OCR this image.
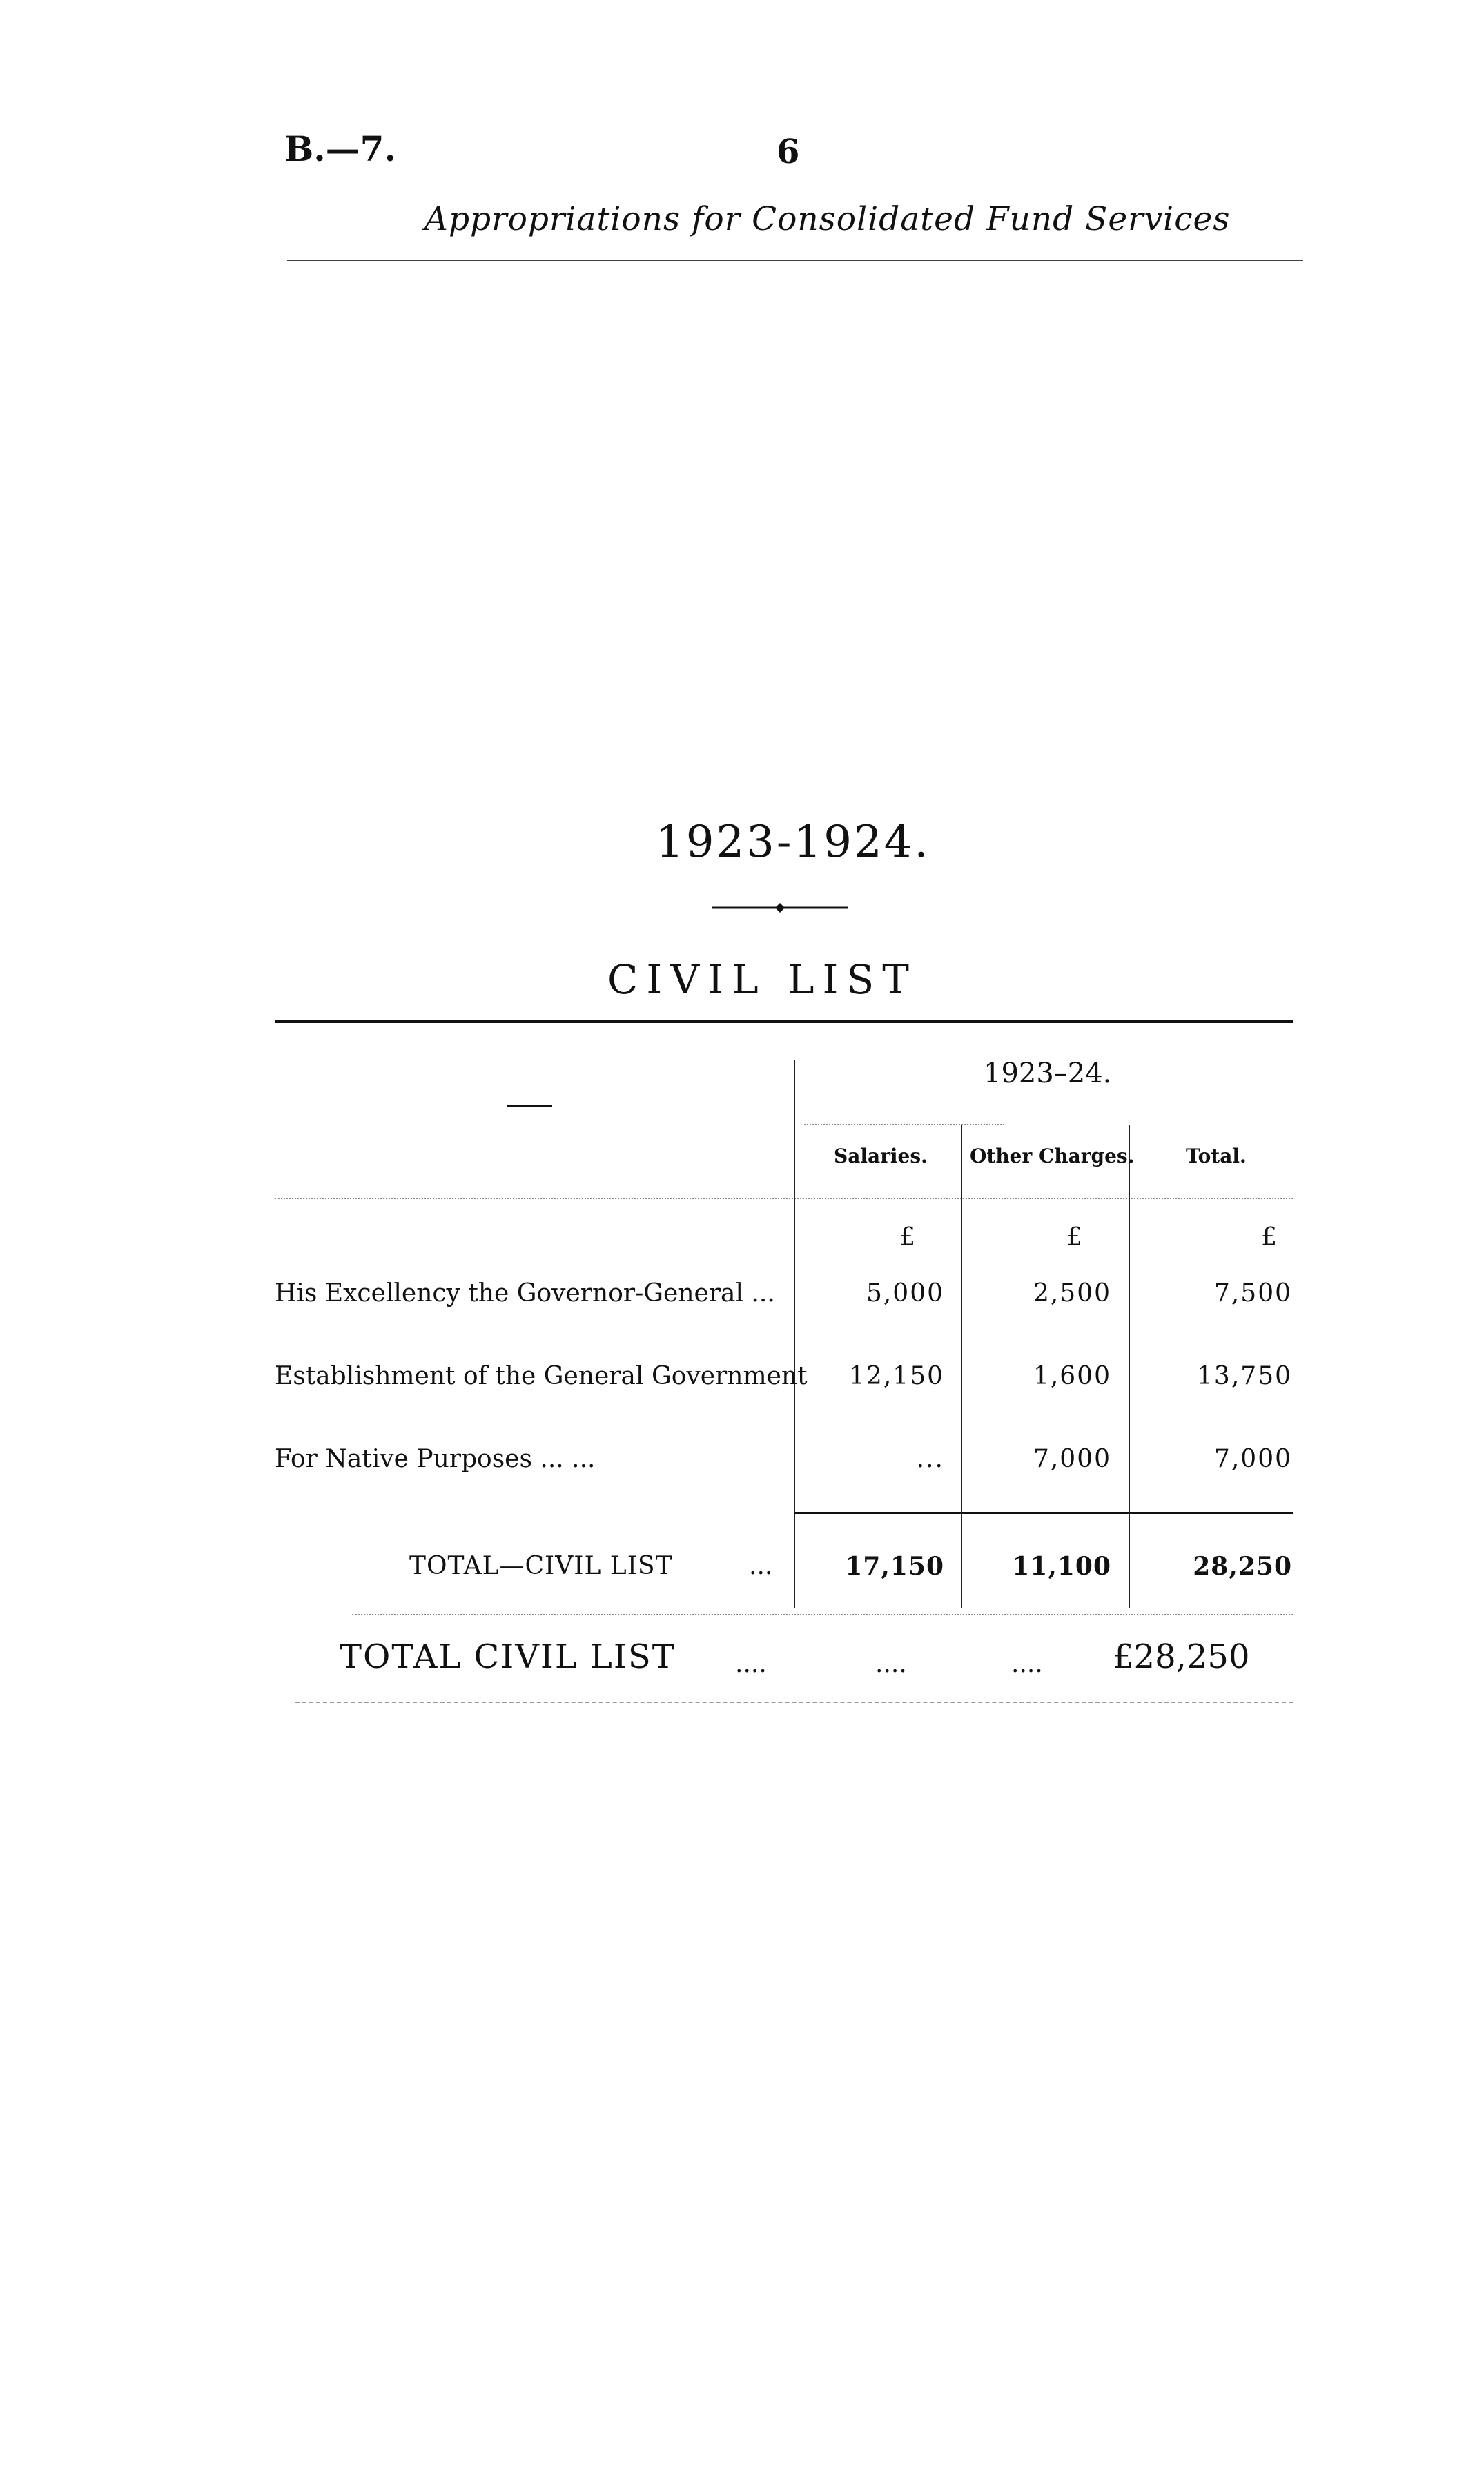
B.—7.	6
Appropriations for Consolidated Fund Services
1923-1924.
CIVIL LIST
1923–24.
Salaries. Other Charges.	Total.
£	£	£
His Excellency the Governor-General ...	5,000	2,500	7,500
Establishment of the General Government	12,150	1,600	13,750
For Native Purposes ... ...	...	7,000	7,000
TOTAL—CIVIL LIST	...	17,150	11,100	28,250
TOTAL CIVIL LIST ....	....	.... £28,250
